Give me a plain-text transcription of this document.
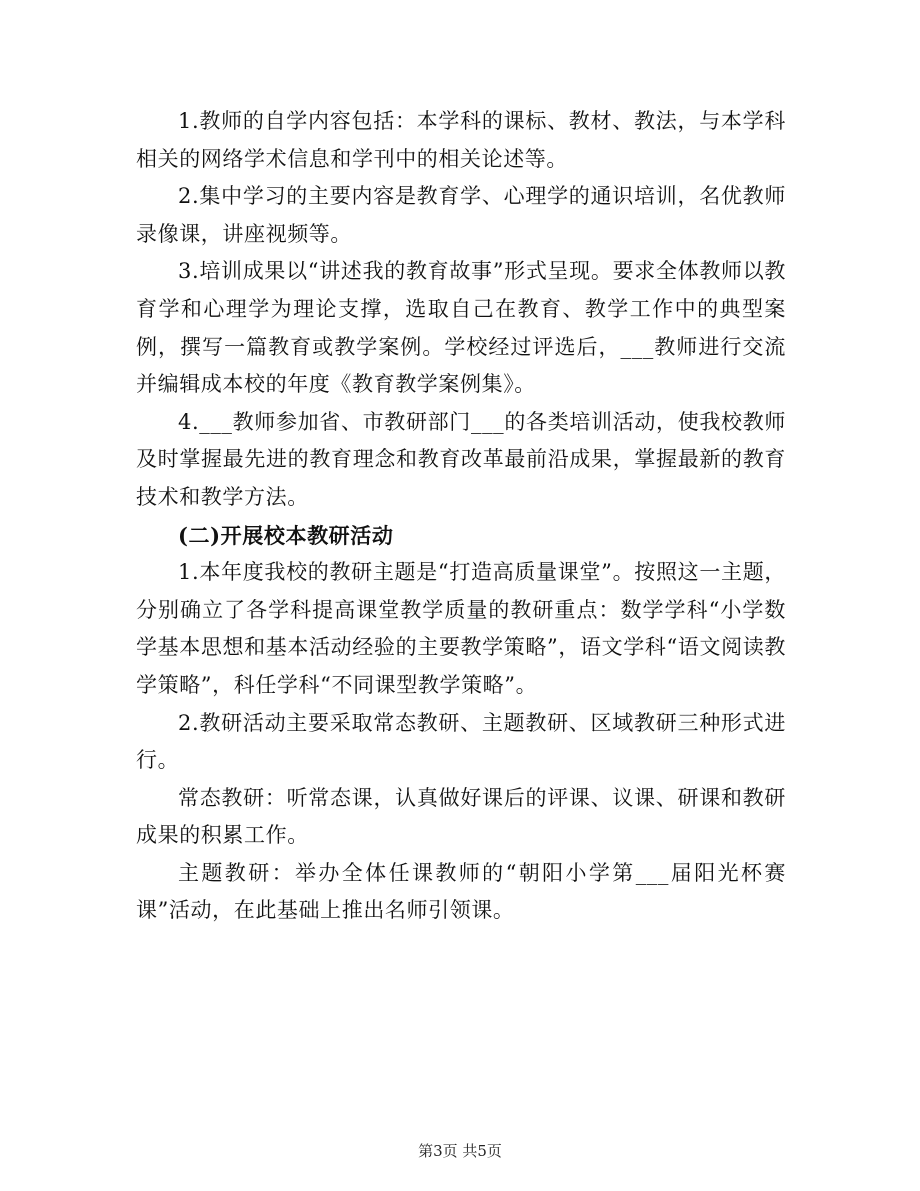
1.教师的自学内容包括：本学科的课标、教材、教法，与本学科相关的网络学术信息和学刊中的相关论述等。

2.集中学习的主要内容是教育学、心理学的通识培训，名优教师录像课，讲座视频等。

3.培训成果以“讲述我的教育故事”形式呈现。要求全体教师以教育学和心理学为理论支撑，选取自己在教育、教学工作中的典型案例，撰写一篇教育或教学案例。学校经过评选后，___教师进行交流并编辑成本校的年度《教育教学案例集》。

4.___教师参加省、市教研部门___的各类培训活动，使我校教师及时掌握最先进的教育理念和教育改革最前沿成果，掌握最新的教育技术和教学方法。

(二)开展校本教研活动

1.本年度我校的教研主题是“打造高质量课堂”。按照这一主题，分别确立了各学科提高课堂教学质量的教研重点：数学学科“小学数学基本思想和基本活动经验的主要教学策略”，语文学科“语文阅读教学策略”，科任学科“不同课型教学策略”。

2.教研活动主要采取常态教研、主题教研、区域教研三种形式进行。

常态教研：听常态课，认真做好课后的评课、议课、研课和教研成果的积累工作。

主题教研：举办全体任课教师的“朝阳小学第___届阳光杯赛课”活动，在此基础上推出名师引领课。

第3页 共5页
